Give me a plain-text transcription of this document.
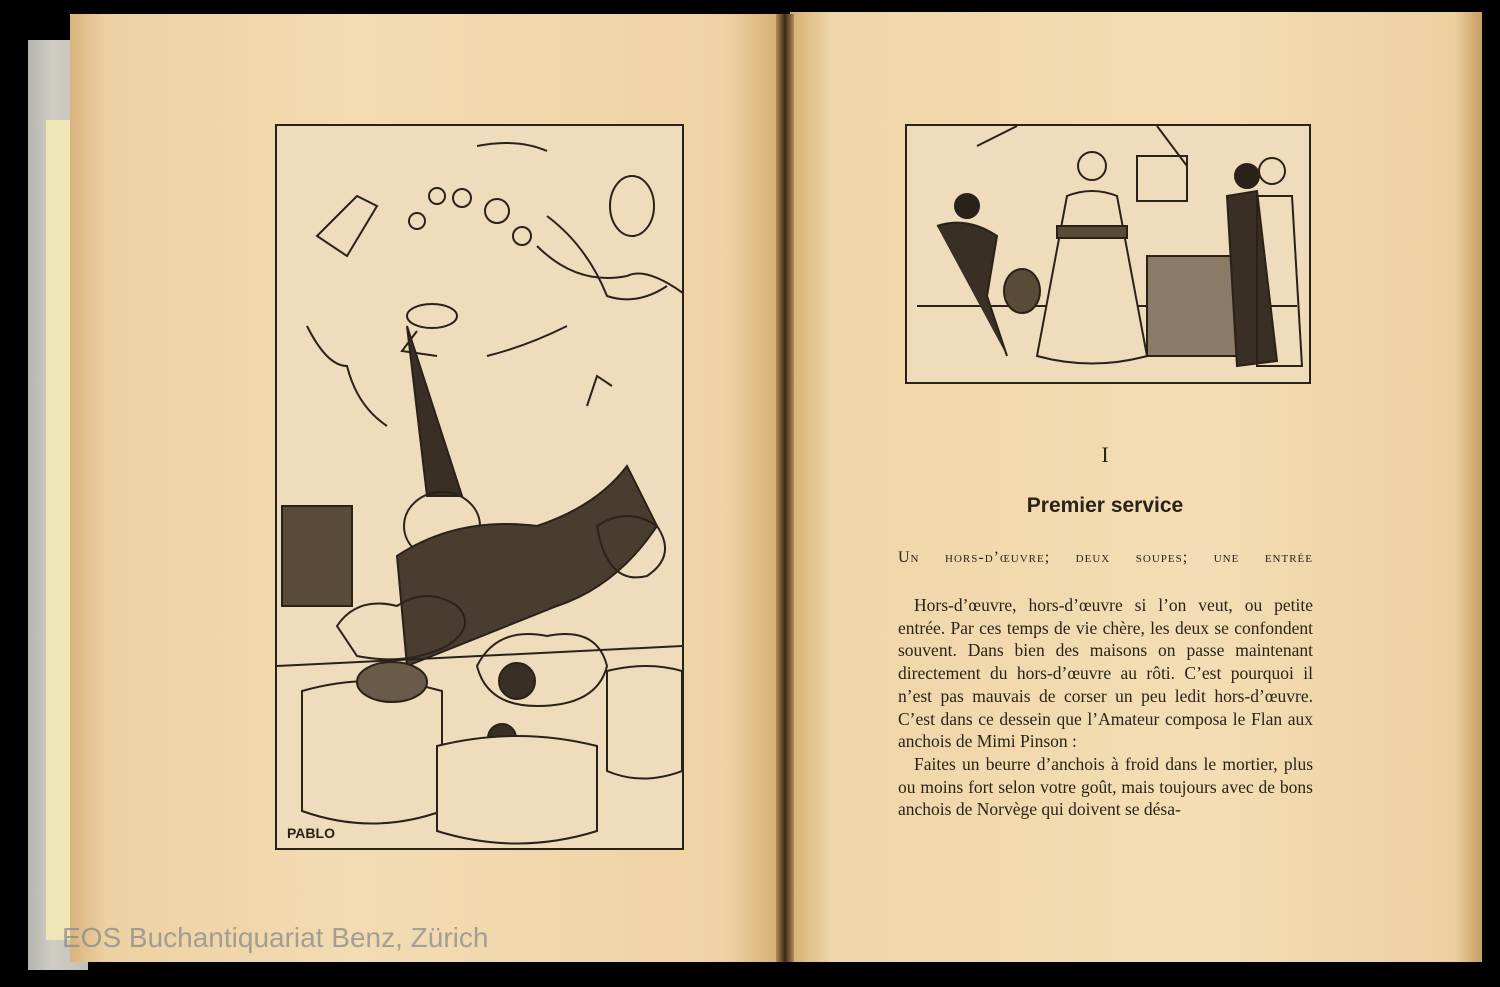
PABLO
I
Premier service
Un hors-d’œuvre; deux soupes; une entrée

Hors-d’œuvre, hors-d’œuvre si l’on veut, ou petite entrée. Par ces temps de vie chère, les deux se confondent souvent. Dans bien des maisons on passe maintenant directement du hors-d’œuvre au rôti. C’est pourquoi il n’est pas mauvais de corser un peu ledit hors-d’œuvre. C’est dans ce dessein que l’Amateur composa le Flan aux anchois de Mimi Pinson :

Faites un beurre d’anchois à froid dans le mortier, plus ou moins fort selon votre goût, mais toujours avec de bons anchois de Norvège qui doivent se désa-

EOS Buchantiquariat Benz, Zürich
